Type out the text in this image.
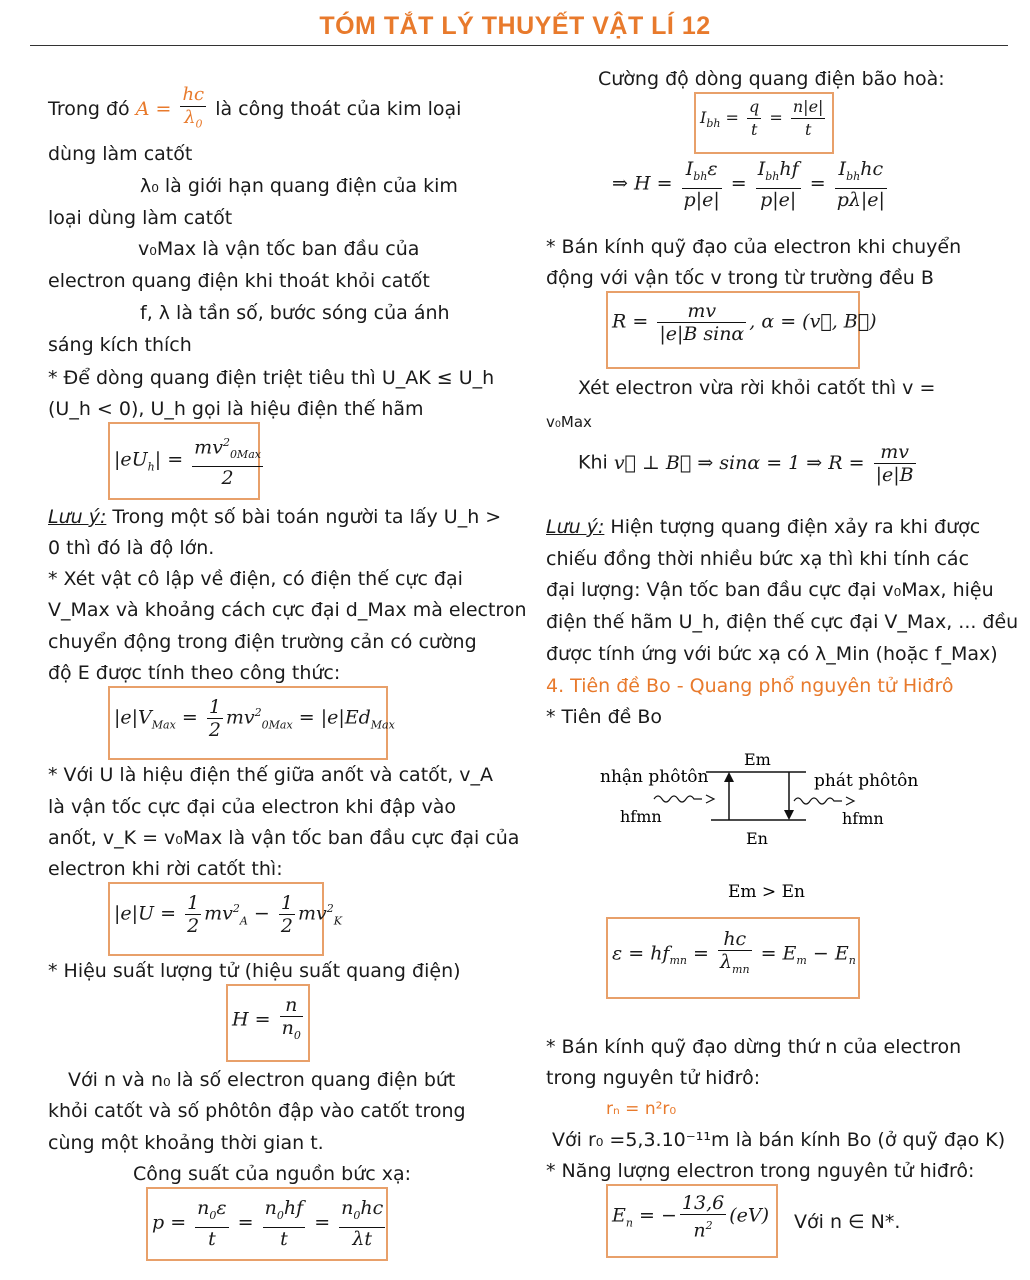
TÓM TẮT LÝ THUYẾT VẬT LÍ 12
Trong đó $A = \frac{hc}{\lambda_0}$ là công thoát của kim loại
dùng làm catốt
λ₀ là giới hạn quang điện của kim
loại dùng làm catốt
v₀Max là vận tốc ban đầu của
electron quang điện khi thoát khỏi catốt
f, λ là tần số, bước sóng của ánh
sáng kích thích
* Để dòng quang điện triệt tiêu thì U_AK ≤ U_h
(U_h < 0), U_h gọi là hiệu điện thế hãm
$|eU_h| = \frac{mv^2_{0Max}}{2}$
Lưu ý: Trong một số bài toán người ta lấy U_h >
0 thì đó là độ lớn.
* Xét vật cô lập về điện, có điện thế cực đại
V_Max và khoảng cách cực đại d_Max mà electron
chuyển động trong điện trường cản có cường
độ E được tính theo công thức:
$|e|V_{Max} = \frac{1}{2} mv^2_{0Max} = |e|Ed_{Max}$
* Với U là hiệu điện thế giữa anốt và catốt, v_A
là vận tốc cực đại của electron khi đập vào
anốt, v_K = v₀Max là vận tốc ban đầu cực đại của
electron khi rời catốt thì:
$|e|U = \frac{1}{2} mv^2_A - \frac{1}{2} mv^2_K$
* Hiệu suất lượng tử (hiệu suất quang điện)
$H = \frac{n}{n_0}$
Với n và n₀ là số electron quang điện bứt
khỏi catốt và số phôtôn đập vào catốt trong
cùng một khoảng thời gian t.
Công suất của nguồn bức xạ:
$p = \frac{n_0\varepsilon}{t} = \frac{n_0hf}{t} = \frac{n_0hc}{\lambda t}$
Cường độ dòng quang điện bão hoà:
$I_{bh} = \frac{q}{t} = \frac{n|e|}{t}$
⇒ $H = \frac{I_{bh}\varepsilon}{p|e|} = \frac{I_{bh}hf}{p|e|} = \frac{I_{bh}hc}{p\lambda|e|}$
* Bán kính quỹ đạo của electron khi chuyển
động với vận tốc v trong từ trường đều B
$R = \frac{mv}{\text{|e|B sinα}}$ , α = (v⃗, B⃗)
Xét electron vừa rời khỏi catốt thì v =
v₀Max
Khi v⃗ ⊥ B⃗ ⇒ sinα = 1 ⇒ $R = \frac{mv}{|e|B}$
Lưu ý: Hiện tượng quang điện xảy ra khi được
chiếu đồng thời nhiều bức xạ thì khi tính các
đại lượng: Vận tốc ban đầu cực đại v₀Max, hiệu
điện thế hãm U_h, điện thế cực đại V_Max, ... đều
được tính ứng với bức xạ có λ_Min (hoặc f_Max)
4. Tiên đề Bo - Quang phổ nguyên tử Hiđrô
* Tiên đề Bo
Em
En
nhận phôtôn	phát phôtôn
hfmn	hfmn
Em > En
$\varepsilon = hf_{mn} = \frac{hc}{\lambda_{mn}} = E_m - E_n$
* Bán kính quỹ đạo dừng thứ n của electron
trong nguyên tử hiđrô:
rₙ = n²r₀
Với r₀ =5,3.10⁻¹¹m là bán kính Bo (ở quỹ đạo K)
* Năng lượng electron trong nguyên tử hiđrô:
$E_n$ = − $\frac{13,6}{n^2} (eV)$ Với n ∈ N*.
